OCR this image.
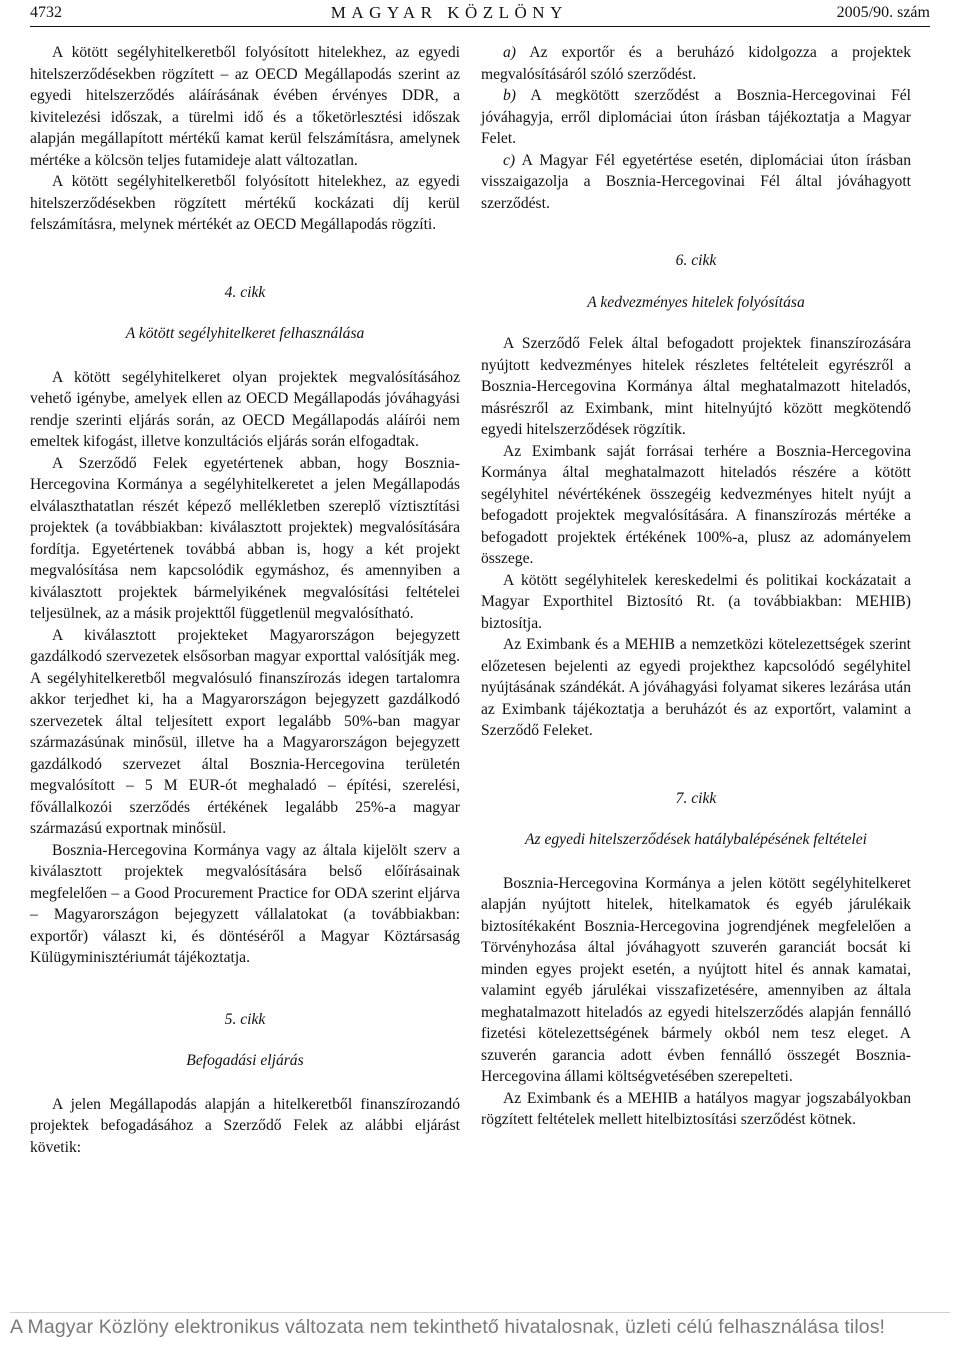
4732	MAGYAR KÖZLÖNY	2005/90. szám

A kötött segélyhitelkeretből folyósított hitelekhez, az egyedi hitelszerződésekben rögzített – az OECD Megállapodás szerint az egyedi hitelszerződés aláírásának évében érvényes DDR, a kivitelezési időszak, a türelmi idő és a tőketörlesztési időszak alapján megállapított mértékű kamat kerül felszámításra, amelynek mértéke a kölcsön teljes futamideje alatt változatlan.

A kötött segélyhitelkeretből folyósított hitelekhez, az egyedi hitelszerződésekben rögzített mértékű kockázati díj kerül felszámításra, melynek mértékét az OECD Megállapodás rögzíti.

4. cikk

A kötött segélyhitelkeret felhasználása

A kötött segélyhitelkeret olyan projektek megvalósításához vehető igénybe, amelyek ellen az OECD Megállapodás jóváhagyási rendje szerinti eljárás során, az OECD Megállapodás aláírói nem emeltek kifogást, illetve konzultációs eljárás során elfogadtak.

A Szerződő Felek egyetértenek abban, hogy Bosznia-Hercegovina Kormánya a segélyhitelkeretet a jelen Megállapodás elválaszthatatlan részét képező mellékletben szereplő víztisztítási projektek (a továbbiakban: kiválasztott projektek) megvalósítására fordítja. Egyetértenek továbbá abban is, hogy a két projekt megvalósítása nem kapcsolódik egymáshoz, és amennyiben a kiválasztott projektek bármelyikének megvalósítási feltételei teljesülnek, az a másik projekttől függetlenül megvalósítható.

A kiválasztott projekteket Magyarországon bejegyzett gazdálkodó szervezetek elsősorban magyar exporttal valósítják meg. A segélyhitelkeretből megvalósuló finanszírozás idegen tartalomra akkor terjedhet ki, ha a Magyarországon bejegyzett gazdálkodó szervezetek által teljesített export legalább 50%-ban magyar származásúnak minősül, illetve ha a Magyarországon bejegyzett gazdálkodó szervezet által Bosznia-Hercegovina területén megvalósított – 5 M EUR-ót meghaladó – építési, szerelési, fővállalkozói szerződés értékének legalább 25%-a magyar származású exportnak minősül.

Bosznia-Hercegovina Kormánya vagy az általa kijelölt szerv a kiválasztott projektek megvalósítására belső előírásainak megfelelően – a Good Procurement Practice for ODA szerint eljárva – Magyarországon bejegyzett vállalatokat (a továbbiakban: exportőr) választ ki, és döntéséről a Magyar Köztársaság Külügyminisztériumát tájékoztatja.

5. cikk

Befogadási eljárás

A jelen Megállapodás alapján a hitelkeretből finanszírozandó projektek befogadásához a Szerződő Felek az alábbi eljárást követik:

a) Az exportőr és a beruházó kidolgozza a projektek megvalósításáról szóló szerződést.

b) A megkötött szerződést a Bosznia-Hercegovinai Fél jóváhagyja, erről diplomáciai úton írásban tájékoztatja a Magyar Felet.

c) A Magyar Fél egyetértése esetén, diplomáciai úton írásban visszaigazolja a Bosznia-Hercegovinai Fél által jóváhagyott szerződést.

6. cikk

A kedvezményes hitelek folyósítása

A Szerződő Felek által befogadott projektek finanszírozására nyújtott kedvezményes hitelek részletes feltételeit egyrészről a Bosznia-Hercegovina Kormánya által meghatalmazott hiteladós, másrészről az Eximbank, mint hitelnyújtó között megkötendő egyedi hitelszerződések rögzítik.

Az Eximbank saját forrásai terhére a Bosznia-Hercegovina Kormánya által meghatalmazott hiteladós részére a kötött segélyhitel névértékének összegéig kedvezményes hitelt nyújt a befogadott projektek megvalósítására. A finanszírozás mértéke a befogadott projektek értékének 100%-a, plusz az adományelem összege.

A kötött segélyhitelek kereskedelmi és politikai kockázatait a Magyar Exporthitel Biztosító Rt. (a továbbiakban: MEHIB) biztosítja.

Az Eximbank és a MEHIB a nemzetközi kötelezettségek szerint előzetesen bejelenti az egyedi projekthez kapcsolódó segélyhitel nyújtásának szándékát. A jóváhagyási folyamat sikeres lezárása után az Eximbank tájékoztatja a beruházót és az exportőrt, valamint a Szerződő Feleket.

7. cikk

Az egyedi hitelszerződések hatálybalépésének feltételei

Bosznia-Hercegovina Kormánya a jelen kötött segélyhitelkeret alapján nyújtott hitelek, hitelkamatok és egyéb járulékaik biztosítékaként Bosznia-Hercegovina jogrendjének megfelelően a Törvényhozása által jóváhagyott szuverén garanciát bocsát ki minden egyes projekt esetén, a nyújtott hitel és annak kamatai, valamint egyéb járulékai visszafizetésére, amennyiben az általa meghatalmazott hiteladós az egyedi hitelszerződés alapján fennálló fizetési kötelezettségének bármely okból nem tesz eleget. A szuverén garancia adott évben fennálló összegét Bosznia-Hercegovina állami költségvetésében szerepelteti.

Az Eximbank és a MEHIB a hatályos magyar jogszabályokban rögzített feltételek mellett hitelbiztosítási szerződést kötnek.

A Magyar Közlöny elektronikus változata nem tekinthető hivatalosnak, üzleti célú felhasználása tilos!
